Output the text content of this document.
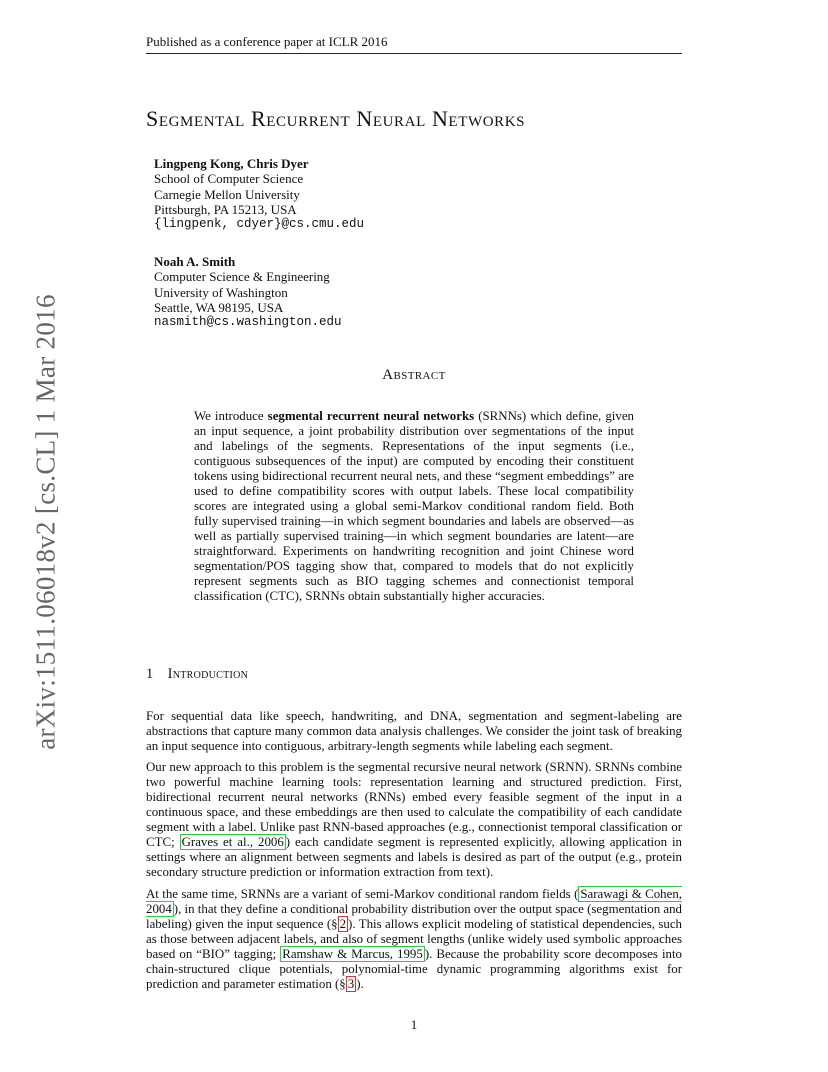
Published as a conference paper at ICLR 2016
arXiv:1511.06018v2 [cs.CL] 1 Mar 2016
Segmental Recurrent Neural Networks
Lingpeng Kong, Chris Dyer
School of Computer Science
Carnegie Mellon University
Pittsburgh, PA 15213, USA
{lingpenk, cdyer}@cs.cmu.edu
Noah A. Smith
Computer Science & Engineering
University of Washington
Seattle, WA 98195, USA
nasmith@cs.washington.edu
Abstract

We introduce segmental recurrent neural networks (SRNNs) which define, given an input sequence, a joint probability distribution over segmentations of the input and labelings of the segments. Representations of the input segments (i.e., contiguous subsequences of the input) are computed by encoding their constituent tokens using bidirectional recurrent neural nets, and these “segment embeddings” are used to define compatibility scores with output labels. These local compatibility scores are integrated using a global semi-Markov conditional random field. Both fully supervised training—in which segment boundaries and labels are observed—as well as partially supervised training—in which segment boundaries are latent—are straightforward. Experiments on handwriting recognition and joint Chinese word segmentation/POS tagging show that, compared to models that do not explicitly represent segments such as BIO tagging schemes and connectionist temporal classification (CTC), SRNNs obtain substantially higher accuracies.

1 Introduction

For sequential data like speech, handwriting, and DNA, segmentation and segment-labeling are abstractions that capture many common data analysis challenges. We consider the joint task of breaking an input sequence into contiguous, arbitrary-length segments while labeling each segment.

Our new approach to this problem is the segmental recursive neural network (SRNN). SRNNs combine two powerful machine learning tools: representation learning and structured prediction. First, bidirectional recurrent neural networks (RNNs) embed every feasible segment of the input in a continuous space, and these embeddings are then used to calculate the compatibility of each candidate segment with a label. Unlike past RNN-based approaches (e.g., connectionist temporal classification or CTC; Graves et al., 2006 ) each candidate segment is represented explicitly, allowing application in settings where an alignment between segments and labels is desired as part of the output (e.g., protein secondary structure prediction or information extraction from text).

At the same time, SRNNs are a variant of semi-Markov conditional random fields ( Sarawagi & Cohen, 2004 ), in that they define a conditional probability distribution over the output space (segmentation and labeling) given the input sequence (§ 2 ). This allows explicit modeling of statistical dependencies, such as those between adjacent labels, and also of segment lengths (unlike widely used symbolic approaches based on “BIO” tagging; Ramshaw & Marcus, 1995 ). Because the probability score decomposes into chain-structured clique potentials, polynomial-time dynamic programming algorithms exist for prediction and parameter estimation (§ 3 ).

1
